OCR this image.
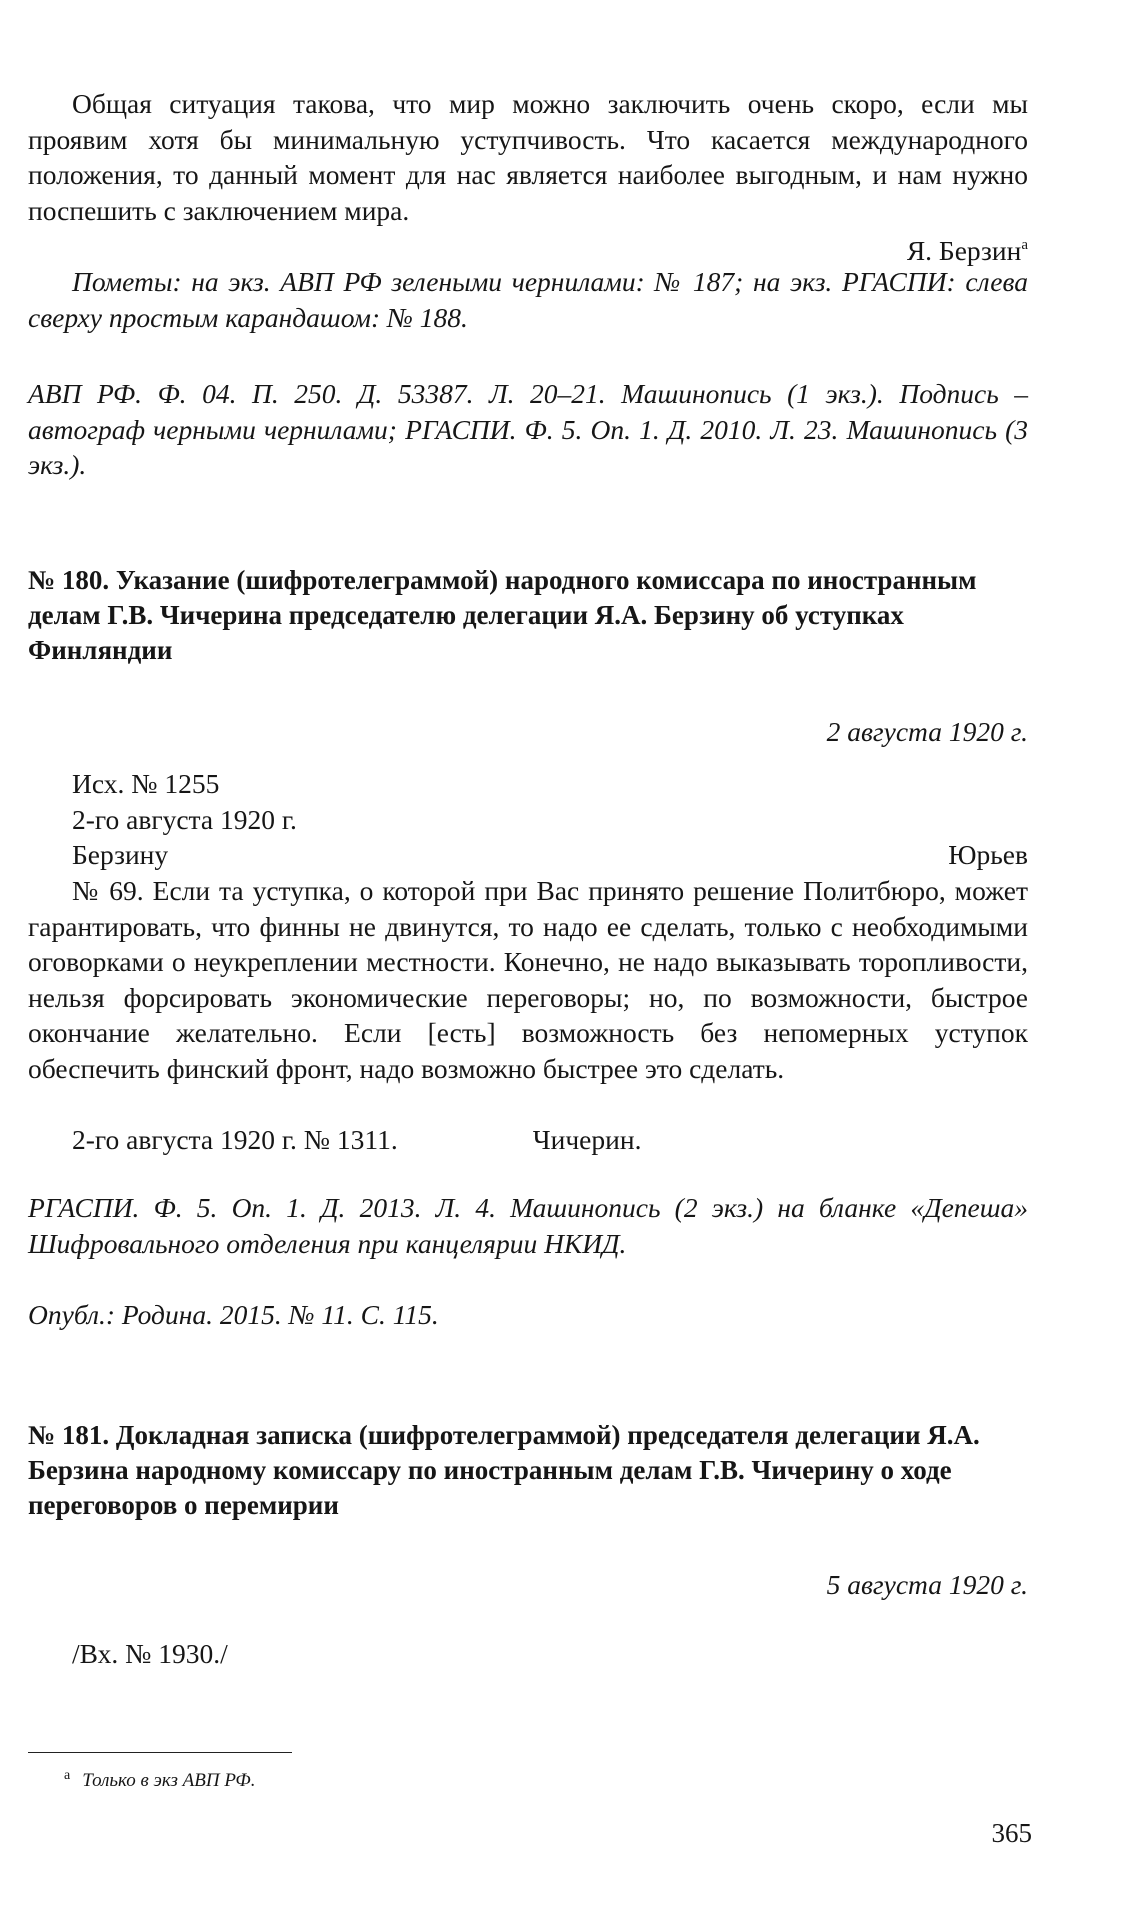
Общая ситуация такова, что мир можно заключить очень скоро, если мы проявим хотя бы минимальную уступчивость. Что касается международного положения, то данный момент для нас является наиболее выгодным, и нам нужно поспешить с заключением мира.

Я. Берзин$^а$

Пометы: на экз. АВП РФ зелеными чернилами: № 187; на экз. РГАСПИ: слева сверху простым карандашом: № 188.

АВП РФ. Ф. 04. П. 250. Д. 53387. Л. 20–21. Машинопись (1 экз.). Подпись – автограф черными чернилами; РГАСПИ. Ф. 5. Оп. 1. Д. 2010. Л. 23. Машинопись (3 экз.).

№ 180. Указание (шифротелеграммой) народного комиссара по иностранным делам Г.В. Чичерина председателю делегации Я.А. Берзину об уступках Финляндии

2 августа 1920 г.

Исх. № 1255

2-го августа 1920 г.

Берзину	Юрьев

№ 69. Если та уступка, о которой при Вас принято решение Политбюро, может гарантировать, что финны не двинутся, то надо ее сделать, только с необходимыми оговорками о неукреплении местности. Конечно, не надо выказывать торопливости, нельзя форсировать экономические переговоры; но, по возможности, быстрое окончание желательно. Если [есть] возможность без непомерных уступок обеспечить финский фронт, надо возможно быстрее это сделать.

2-го августа 1920 г. № 1311.	Чичерин.

РГАСПИ. Ф. 5. Оп. 1. Д. 2013. Л. 4. Машинопись (2 экз.) на бланке «Депеша» Шифровального отделения при канцелярии НКИД.

Опубл.: Родина. 2015. № 11. С. 115.

№ 181. Докладная записка (шифротелеграммой) председателя делегации Я.А. Берзина народному комиссару по иностранным делам Г.В. Чичерину о ходе переговоров о перемирии

5 августа 1920 г.

/Вх. № 1930./

$^а$ Только в экз АВП РФ.
365
